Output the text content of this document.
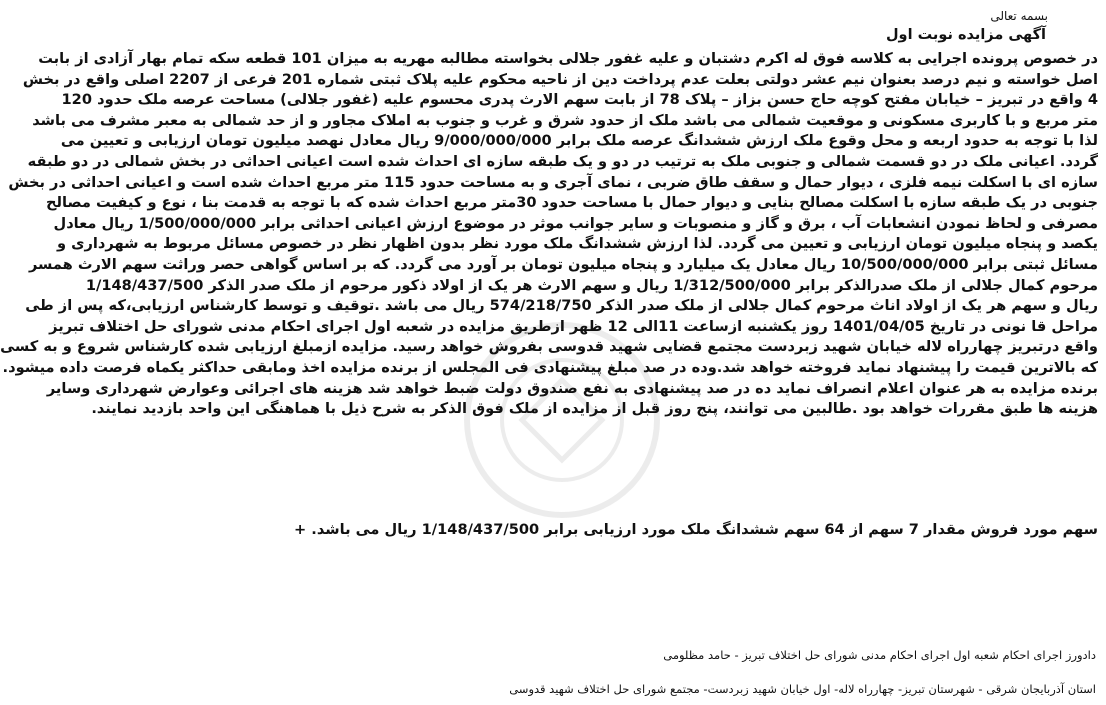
بسمه تعالی
آگهی مزایده نوبت اول
در خصوص پرونده اجرایی به کلاسه فوق له اکرم دشتبان و علیه غفور جلالی بخواسته مطالبه مهریه به میزان 101 قطعه سکه تمام بهار آزادی از بابت
اصل خواسته و نیم درصد بعنوان نیم عشر دولتی بعلت عدم پرداخت دین از ناحیه محکوم علیه پلاک ثبتی شماره 201 فرعی از 2207 اصلی واقع در بخش
4 واقع در تبریز – خیابان مفتح کوچه حاج حسن بزاز – پلاک 78 از بابت سهم الارث پدری محسوم علیه (غفور جلالی) مساحت عرصه ملک حدود 120
متر مربع و با کاربری مسکونی و موقعیت شمالی می باشد ملک از حدود شرق و غرب و جنوب به املاک مجاور و از حد شمالی به معبر مشرف می باشد
لذا با توجه به حدود اربعه و محل وقوع ملک ارزش ششدانگ عرصه ملک برابر 9/000/000/000 ریال معادل نهصد میلیون تومان ارزیابی و تعیین می
گردد. اعیانی ملک در دو قسمت شمالی و جنوبی ملک به ترتیب در دو و یک طبقه سازه ای احداث شده است اعیانی احداثی در بخش شمالی در دو طبقه
سازه ای با اسکلت نیمه فلزی ، دیوار حمال و سقف طاق ضربی ، نمای آجری و به مساحت حدود 115 متر مربع احداث شده است و اعیانی احداثی در بخش
جنوبی در یک طبقه سازه با اسکلت مصالح بنایی و دیوار حمال با مساحت حدود 30متر مربع احداث شده که با توجه به قدمت بنا ، نوع و کیفیت مصالح
مصرفی و لحاظ نمودن انشعابات آب ، برق و گاز و منصوبات و سایر جوانب موثر در موضوع ارزش اعیانی احداثی برابر 1/500/000/000 ریال معادل
یکصد و پنجاه میلیون تومان ارزیابی و تعیین می گردد. لذا ارزش ششدانگ ملک مورد نظر بدون اظهار نظر در خصوص مسائل مربوط به شهرداری و
مسائل ثبتی برابر 10/500/000/000 ریال معادل یک میلیارد و پنجاه میلیون تومان بر آورد می گردد. که بر اساس گواهی حصر وراثت سهم الارث همسر
مرحوم کمال جلالی از ملک صدرالذکر برابر 1/312/500/000 ریال و سهم الارث هر یک از اولاد ذکور مرحوم از ملک صدر الذکر 1/148/437/500
ریال و سهم هر یک از اولاد اناث مرحوم کمال جلالی از ملک صدر الذکر 574/218/750 ریال می باشد .توقیف و توسط کارشناس ارزیابی،که پس از طی
مراحل قا نونی در تاریخ 1401/04/05 روز یکشنبه ازساعت 11الی 12 ظهر ازطریق مزایده در شعبه اول اجرای احکام مدنی شورای حل اختلاف تبریز
واقع درتبریز چهارراه لاله خیابان شهید زبردست مجتمع قضایی شهید قدوسی بفروش خواهد رسید. مزایده ازمبلغ ارزیابی شده کارشناس شروع و به کسی
که بالاترین قیمت را پیشنهاد نماید فروخته خواهد شد.وده در صد مبلغ پیشنهادی فی المجلس از برنده مزایده اخذ ومابقی حداکثر یکماه فرصت داده میشود.
برنده مزایده به هر عنوان اعلام انصراف نماید ده در صد پیشنهادی به نفع صندوق دولت ضبط خواهد شد هزینه های اجرائی وعوارض شهرداری وسایر
هزینه ها طبق مقررات خواهد بود .طالبین می توانند، پنج روز قبل از مزایده از ملک فوق الذکر به شرح ذیل با هماهنگی این واحد بازدید نمایند.
سهم مورد فروش مقدار 7 سهم از 64 سهم ششدانگ ملک مورد ارزیابی برابر 1/148/437/500 ریال می باشد. +
دادورز اجرای احکام شعبه اول اجرای احکام مدنی شورای حل اختلاف تبریز - حامد مظلومی
استان آذربایجان شرقی - شهرستان تبریز- چهارراه لاله- اول خیابان شهید زبردست- مجتمع شورای حل اختلاف شهید قدوسی
